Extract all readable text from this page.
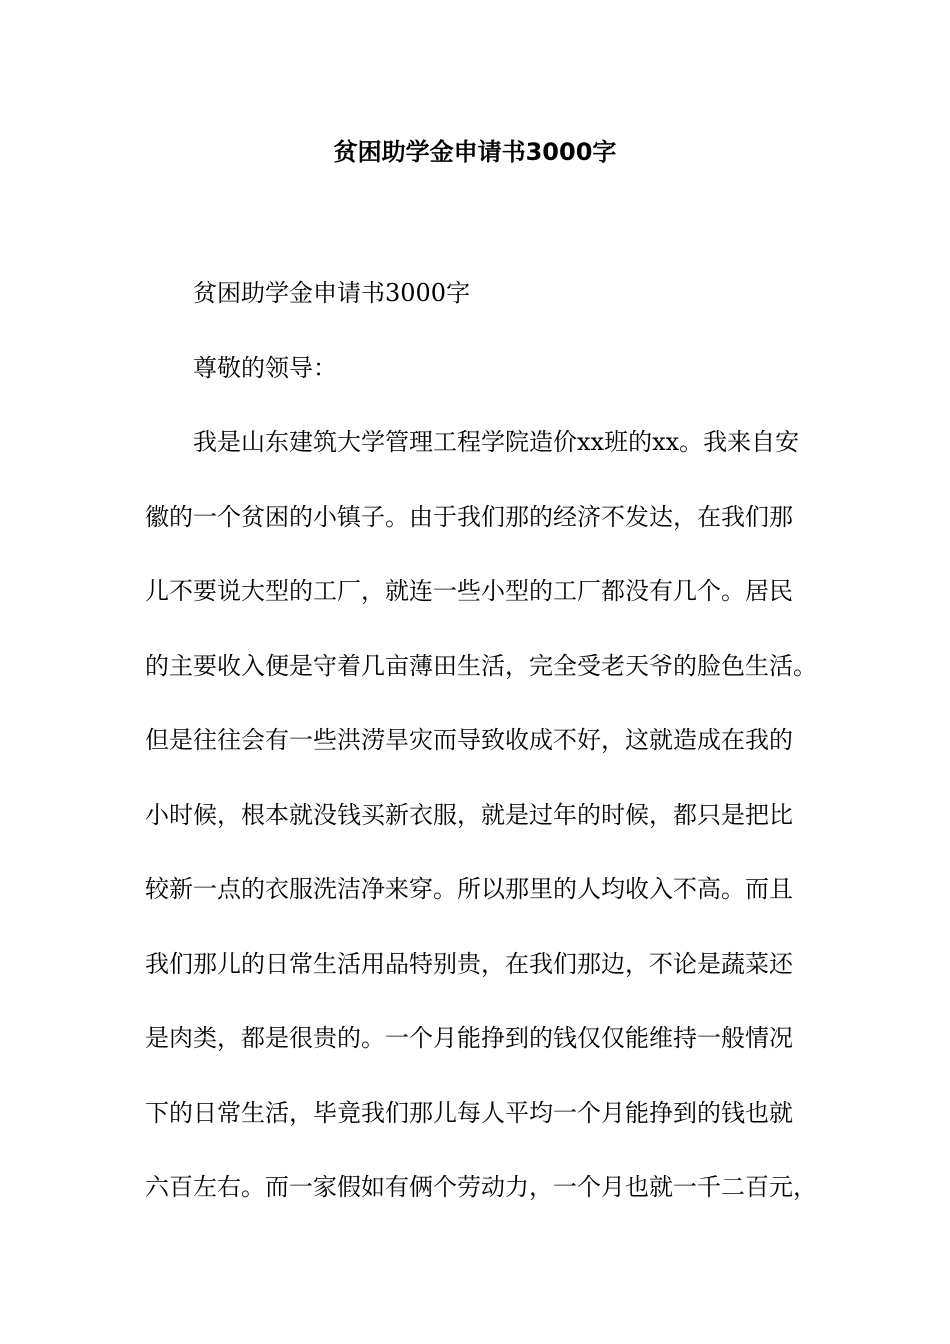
贫困助学金申请书3000字
贫困助学金申请书3000字
尊敬的领导：
我是山东建筑大学管理工程学院造价xx班的xx。我来自安
徽的一个贫困的小镇子。由于我们那的经济不发达，在我们那
儿不要说大型的工厂，就连一些小型的工厂都没有几个。居民
的主要收入便是守着几亩薄田生活，完全受老天爷的脸色生活。
但是往往会有一些洪涝旱灾而导致收成不好，这就造成在我的
小时候，根本就没钱买新衣服，就是过年的时候，都只是把比
较新一点的衣服洗洁净来穿。所以那里的人均收入不高。而且
我们那儿的日常生活用品特别贵，在我们那边，不论是蔬菜还
是肉类，都是很贵的。一个月能挣到的钱仅仅能维持一般情况
下的日常生活，毕竟我们那儿每人平均一个月能挣到的钱也就
六百左右。而一家假如有俩个劳动力，一个月也就一千二百元，
